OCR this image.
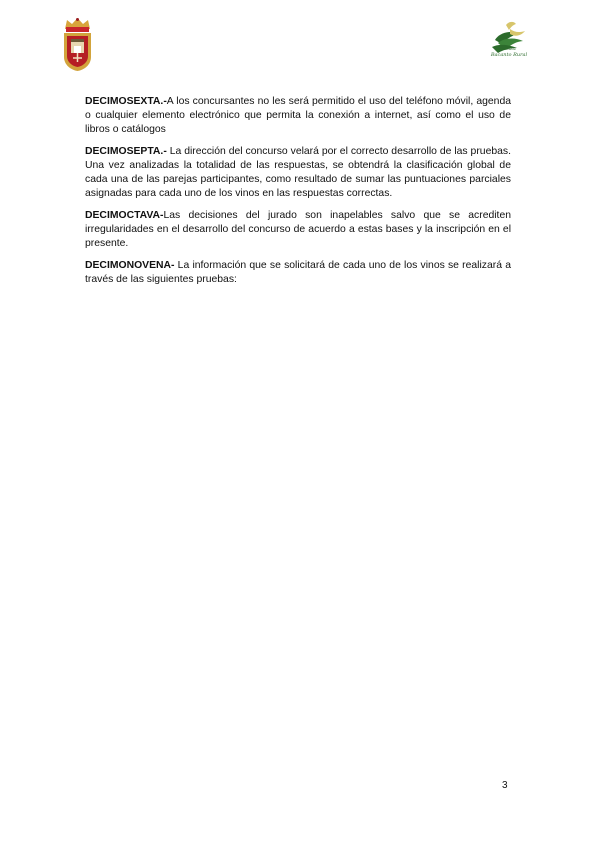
asociación
Bacanto Rural

DECIMOSEXTA.-A los concursantes no les será permitido el uso del teléfono móvil, agenda o cualquier elemento electrónico que permita la conexión a internet, así como el uso de libros o catálogos

DECIMOSEPTA.- La dirección del concurso velará por el correcto desarrollo de las pruebas. Una vez analizadas la totalidad de las respuestas, se obtendrá la clasificación global de cada una de las parejas participantes, como resultado de sumar las puntuaciones parciales asignadas para cada uno de los vinos en las respuestas correctas.

DECIMOCTAVA-Las decisiones del jurado son inapelables salvo que se acrediten irregularidades en el desarrollo del concurso de acuerdo a estas bases y la inscripción en el presente.

DECIMONOVENA- La información que se solicitará de cada uno de los vinos se realizará a través de las siguientes pruebas:

3
